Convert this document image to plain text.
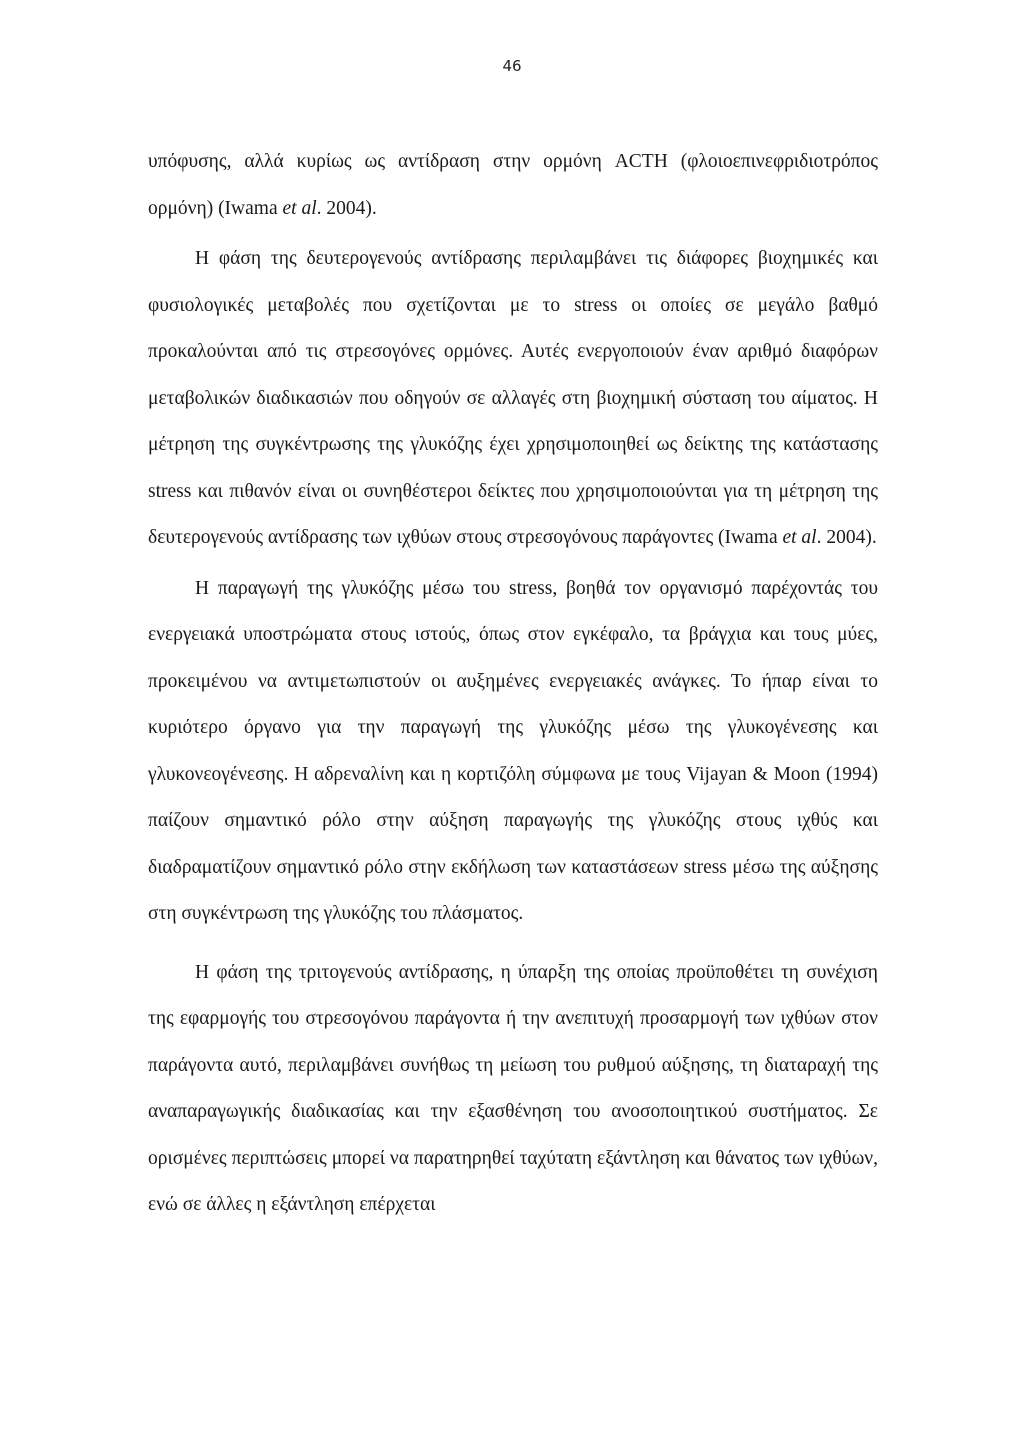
46

υπόφυσης, αλλά κυρίως ως αντίδραση στην ορμόνη ACTH (φλοιοεπινεφριδιοτρόπος ορμόνη) (Iwama et al. 2004).

Η φάση της δευτερογενούς αντίδρασης περιλαμβάνει τις διάφορες βιοχημικές και φυσιολογικές μεταβολές που σχετίζονται με το stress οι οποίες σε μεγάλο βαθμό προκαλούνται από τις στρεσογόνες ορμόνες. Αυτές ενεργοποιούν έναν αριθμό διαφόρων μεταβολικών διαδικασιών που οδηγούν σε αλλαγές στη βιοχημική σύσταση του αίματος. Η μέτρηση της συγκέντρωσης της γλυκόζης έχει χρησιμοποιηθεί ως δείκτης της κατάστασης stress και πιθανόν είναι οι συνηθέστεροι δείκτες που χρησιμοποιούνται για τη μέτρηση της δευτερογενούς αντίδρασης των ιχθύων στους στρεσογόνους παράγοντες (Iwama et al. 2004).

Η παραγωγή της γλυκόζης μέσω του stress, βοηθά τον οργανισμό παρέχοντάς του ενεργειακά υποστρώματα στους ιστούς, όπως στον εγκέφαλο, τα βράγχια και τους μύες, προκειμένου να αντιμετωπιστούν οι αυξημένες ενεργειακές ανάγκες. Το ήπαρ είναι το κυριότερο όργανο για την παραγωγή της γλυκόζης μέσω της γλυκογένεσης και γλυκονεογένεσης. Η αδρεναλίνη και η κορτιζόλη σύμφωνα με τους Vijayan & Moon (1994) παίζουν σημαντικό ρόλο στην αύξηση παραγωγής της γλυκόζης στους ιχθύς και διαδραματίζουν σημαντικό ρόλο στην εκδήλωση των καταστάσεων stress μέσω της αύξησης στη συγκέντρωση της γλυκόζης του πλάσματος.

Η φάση της τριτογενούς αντίδρασης, η ύπαρξη της οποίας προϋποθέτει τη συνέχιση της εφαρμογής του στρεσογόνου παράγοντα ή την ανεπιτυχή προσαρμογή των ιχθύων στον παράγοντα αυτό, περιλαμβάνει συνήθως τη μείωση του ρυθμού αύξησης, τη διαταραχή της αναπαραγωγικής διαδικασίας και την εξασθένηση του ανοσοποιητικού συστήματος. Σε ορισμένες περιπτώσεις μπορεί να παρατηρηθεί ταχύτατη εξάντληση και θάνατος των ιχθύων, ενώ σε άλλες η εξάντληση επέρχεται
